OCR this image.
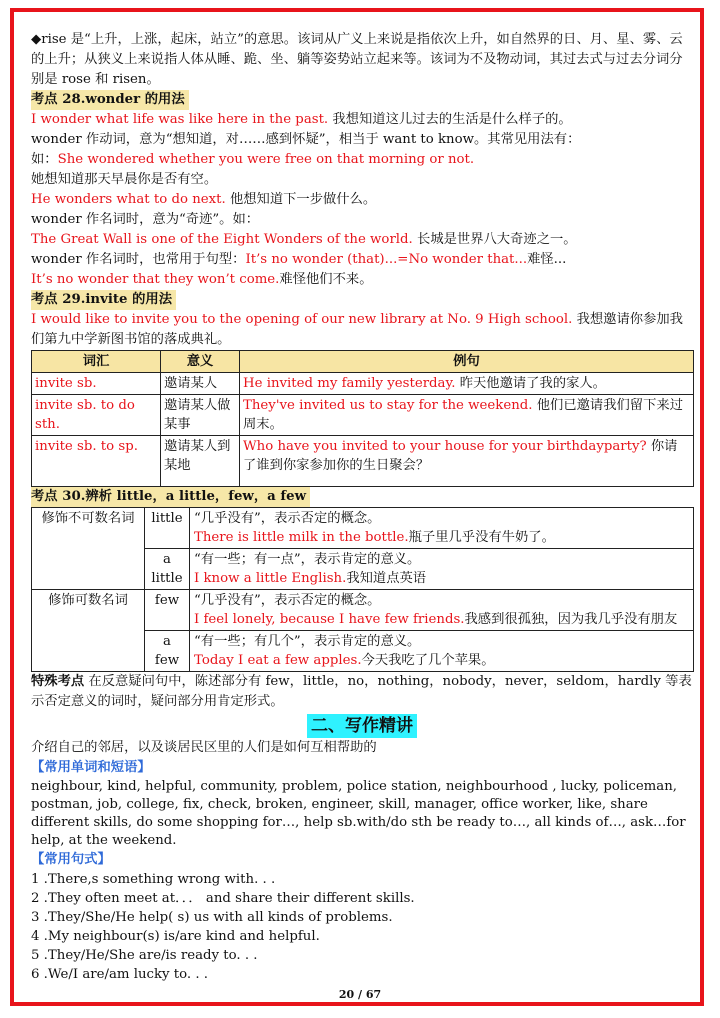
◆rise 是“上升，上涨，起床，站立”的意思。该词从广义上来说是指依次上升，如自然界的日、月、星、雾、云的上升；从狭义上来说指人体从睡、跪、坐、躺等姿势站立起来等。该词为不及物动词，其过去式与过去分词分别是 rose 和 risen。

考点 28.wonder 的用法

I wonder what life was like here in the past. 我想知道这儿过去的生活是什么样子的。

wonder 作动词，意为“想知道，对……感到怀疑”，相当于 want to know。其常见用法有：

如：She wondered whether you were free on that morning or not.

她想知道那天早晨你是否有空。

He wonders what to do next. 他想知道下一步做什么。

wonder 作名词时，意为“奇迹”。如：

The Great Wall is one of the Eight Wonders of the world. 长城是世界八大奇迹之一。

wonder 作名词时，也常用于句型：It’s no wonder (that)...=No wonder that...难怪...

It’s no wonder that they won’t come.难怪他们不来。

考点 29.invite 的用法

I would like to invite you to the opening of our new library at No. 9 High school. 我想邀请你参加我们第九中学新图书馆的落成典礼。

词汇	意义	例句
invite sb.	邀请某人	He invited my family yesterday. 昨天他邀请了我的家人。
invite sb. to do sth.	邀请某人做某事	They've invited us to stay for the weekend. 他们已邀请我们留下来过周末。
invite sb. to sp.	邀请某人到某地	Who have you invited to your house for your birthdayparty? 你请了谁到你家参加你的生日聚会？
考点 30.辨析 little，a little，few，a few
修饰不可数名词	little	“几乎没有”，表示否定的概念。
There is little milk in the bottle.瓶子里几乎没有牛奶了。

	a little	“有一些；有一点”，表示肯定的意义。
I know a little English.我知道点英语

修饰可数名词	few	“几乎没有”，表示否定的概念。
I feel lonely, because I have few friends.我感到很孤独，因为我几乎没有朋友

	a few	“有一些；有几个”，表示肯定的意义。
Today I eat a few apples.今天我吃了几个苹果。

特殊考点 在反意疑问句中，陈述部分有 few，little，no，nothing，nobody，never，seldom，hardly 等表示否定意义的词时，疑问部分用肯定形式。

二、写作精讲

介绍自己的邻居，以及谈居民区里的人们是如何互相帮助的

【常用单词和短语】

neighbour, kind, helpful, community, problem, police station, neighbourhood , lucky, policeman, postman, job, college, fix, check, broken, engineer, skill, manager, office worker, like, share different skills, do some shopping for…, help sb.with/do sth be ready to…, all kinds of…, ask…for help, at the weekend.

【常用句式】

1 .There,s something wrong with. . .

2 .They often meet at．．． and share their different skills.

3 .They/She/He help( s) us with all kinds of problems.

4 .My neighbour(s) is/are kind and helpful.

5 .They/He/She are/is ready to. . .

6 .We/I are/am lucky to. . .

20 / 67
